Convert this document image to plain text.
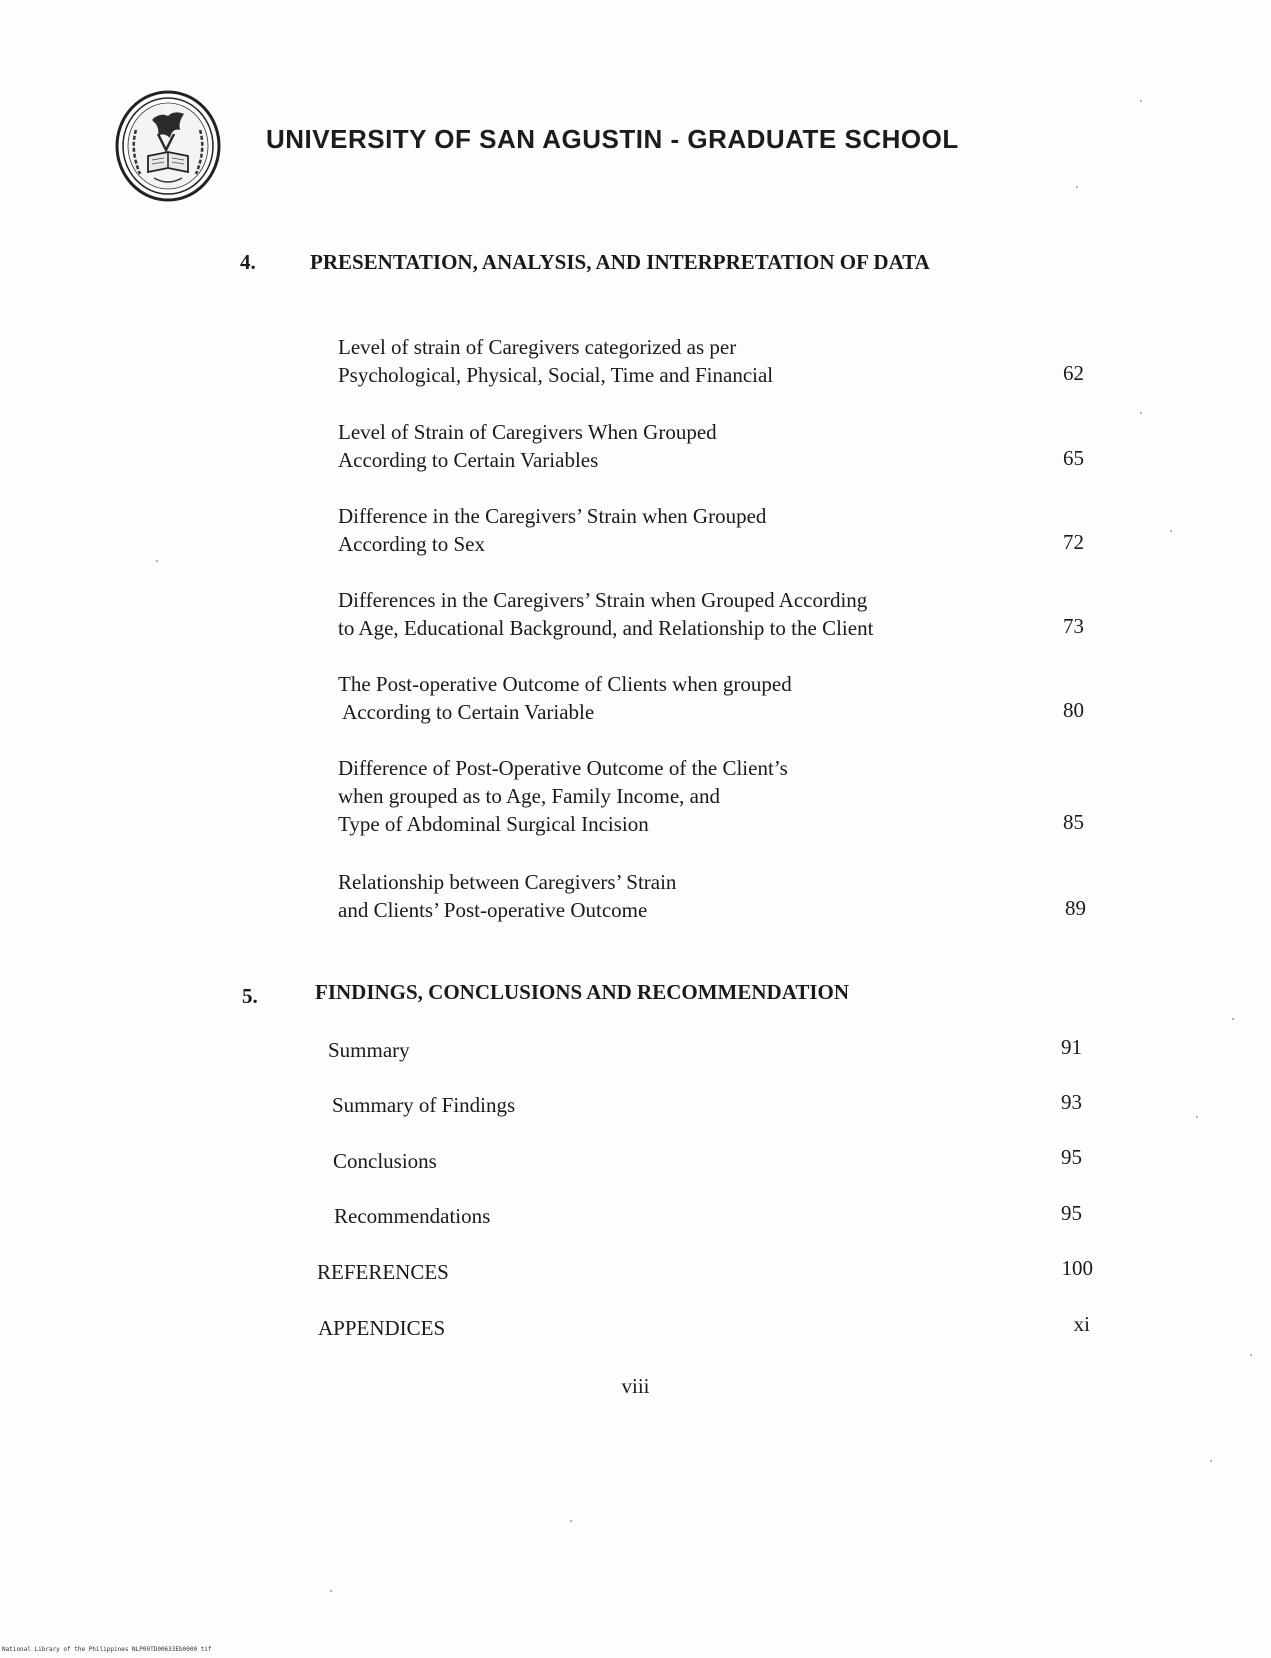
UNIVERSITY OF SAN AGUSTIN - GRADUATE SCHOOL
4.	PRESENTATION, ANALYSIS, AND INTERPRETATION OF DATA
Level of strain of Caregivers categorized as per
Psychological, Physical, Social, Time and Financial	62
Level of Strain of Caregivers When Grouped
According to Certain Variables	65
Difference in the Caregivers’ Strain when Grouped
According to Sex	72
Differences in the Caregivers’ Strain when Grouped According
to Age, Educational Background, and Relationship to the Client	73
The Post-operative Outcome of Clients when grouped
According to Certain Variable	80
Difference of Post-Operative Outcome of the Client’s
when grouped as to Age, Family Income, and
Type of Abdominal Surgical Incision	85
Relationship between Caregivers’ Strain
and Clients’ Post-operative Outcome	89
5.	FINDINGS, CONCLUSIONS AND RECOMMENDATION
Summary	91
Summary of Findings	93
Conclusions	95
Recommendations	95
REFERENCES	100
APPENDICES	xi
viii
National Library of the Philippines NLP00TD00633Eb0000 tif
